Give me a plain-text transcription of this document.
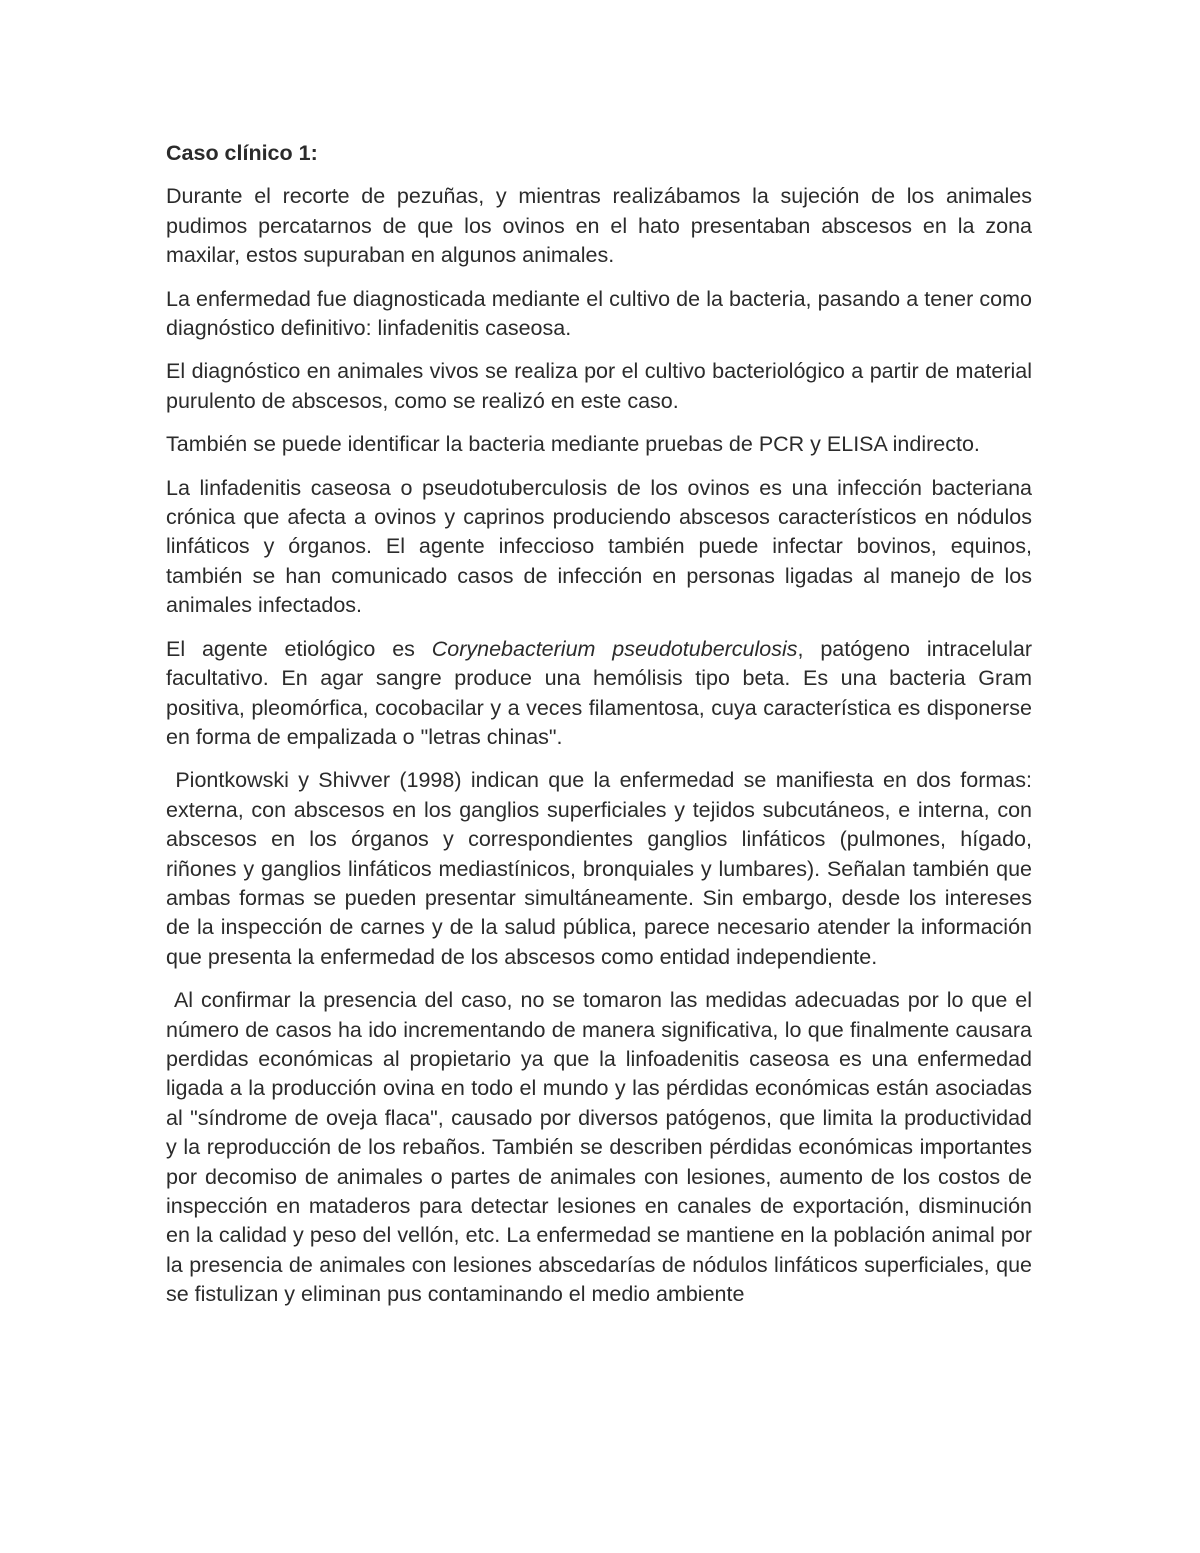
Caso clínico 1:

Durante el recorte de pezuñas, y mientras realizábamos la sujeción de los animales pudimos percatarnos de que los ovinos en el hato presentaban abscesos en la zona maxilar, estos supuraban en algunos animales.

La enfermedad fue diagnosticada mediante el cultivo de la bacteria, pasando a tener como diagnóstico definitivo: linfadenitis caseosa.

El diagnóstico en animales vivos se realiza por el cultivo bacteriológico a partir de material purulento de abscesos, como se realizó en este caso.

También se puede identificar la bacteria mediante pruebas de PCR y ELISA indirecto.

La linfadenitis caseosa o pseudotuberculosis de los ovinos es una infección bacteriana crónica que afecta a ovinos y caprinos produciendo abscesos característicos en nódulos linfáticos y órganos. El agente infeccioso también puede infectar bovinos, equinos, también se han comunicado casos de infección en personas ligadas al manejo de los animales infectados.

El agente etiológico es Corynebacterium pseudotuberculosis, patógeno intracelular facultativo. En agar sangre produce una hemólisis tipo beta. Es una bacteria Gram positiva, pleomórfica, cocobacilar y a veces filamentosa, cuya característica es disponerse en forma de empalizada o "letras chinas".

Piontkowski y Shivver (1998) indican que la enfermedad se manifiesta en dos formas: externa, con abscesos en los ganglios superficiales y tejidos subcutáneos, e interna, con abscesos en los órganos y correspondientes ganglios linfáticos (pulmones, hígado, riñones y ganglios linfáticos mediastínicos, bronquiales y lumbares). Señalan también que ambas formas se pueden presentar simultáneamente. Sin embargo, desde los intereses de la inspección de carnes y de la salud pública, parece necesario atender la información que presenta la enfermedad de los abscesos como entidad independiente.

Al confirmar la presencia del caso, no se tomaron las medidas adecuadas por lo que el número de casos ha ido incrementando de manera significativa, lo que finalmente causara perdidas económicas al propietario ya que la linfoadenitis caseosa es una enfermedad ligada a la producción ovina en todo el mundo y las pérdidas económicas están asociadas al "síndrome de oveja flaca", causado por diversos patógenos, que limita la productividad y la reproducción de los rebaños. También se describen pérdidas económicas importantes por decomiso de animales o partes de animales con lesiones, aumento de los costos de inspección en mataderos para detectar lesiones en canales de exportación, disminución en la calidad y peso del vellón, etc. La enfermedad se mantiene en la población animal por la presencia de animales con lesiones abscedarías de nódulos linfáticos superficiales, que se fistulizan y eliminan pus contaminando el medio ambiente
